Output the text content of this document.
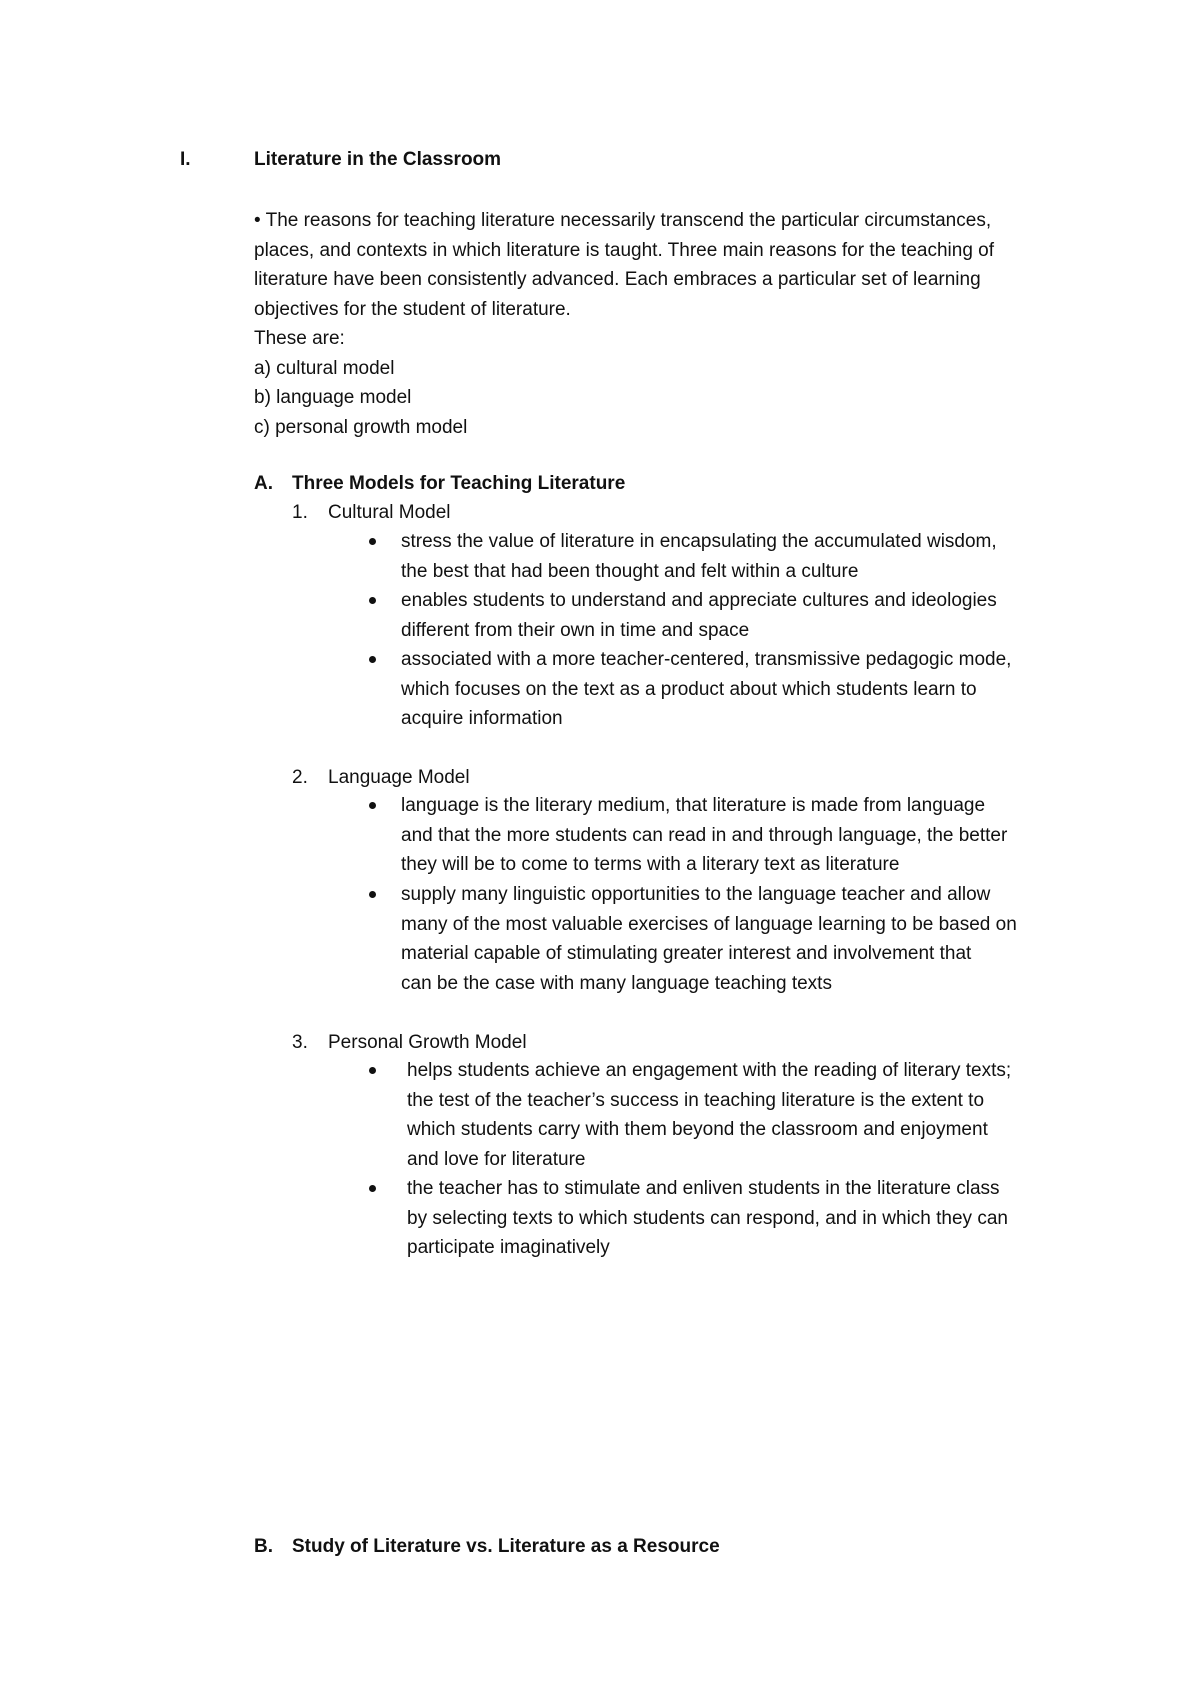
I.	Literature in the Classroom
• The reasons for teaching literature necessarily transcend the particular circumstances,
places, and contexts in which literature is taught. Three main reasons for the teaching of
literature have been consistently advanced. Each embraces a particular set of learning
objectives for the student of literature.
These are:
a) cultural model
b) language model
c) personal growth model
A. Three Models for Teaching Literature
1. Cultural Model
stress the value of literature in encapsulating the accumulated wisdom,
the best that had been thought and felt within a culture
enables students to understand and appreciate cultures and ideologies
different from their own in time and space
associated with a more teacher-centered, transmissive pedagogic mode,
which focuses on the text as a product about which students learn to
acquire information
2. Language Model
language is the literary medium, that literature is made from language
and that the more students can read in and through language, the better
they will be to come to terms with a literary text as literature
supply many linguistic opportunities to the language teacher and allow
many of the most valuable exercises of language learning to be based on
material capable of stimulating greater interest and involvement that
can be the case with many language teaching texts
3. Personal Growth Model
helps students achieve an engagement with the reading of literary texts;
the test of the teacher’s success in teaching literature is the extent to
which students carry with them beyond the classroom and enjoyment
and love for literature
the teacher has to stimulate and enliven students in the literature class
by selecting texts to which students can respond, and in which they can
participate imaginatively
B. Study of Literature vs. Literature as a Resource
